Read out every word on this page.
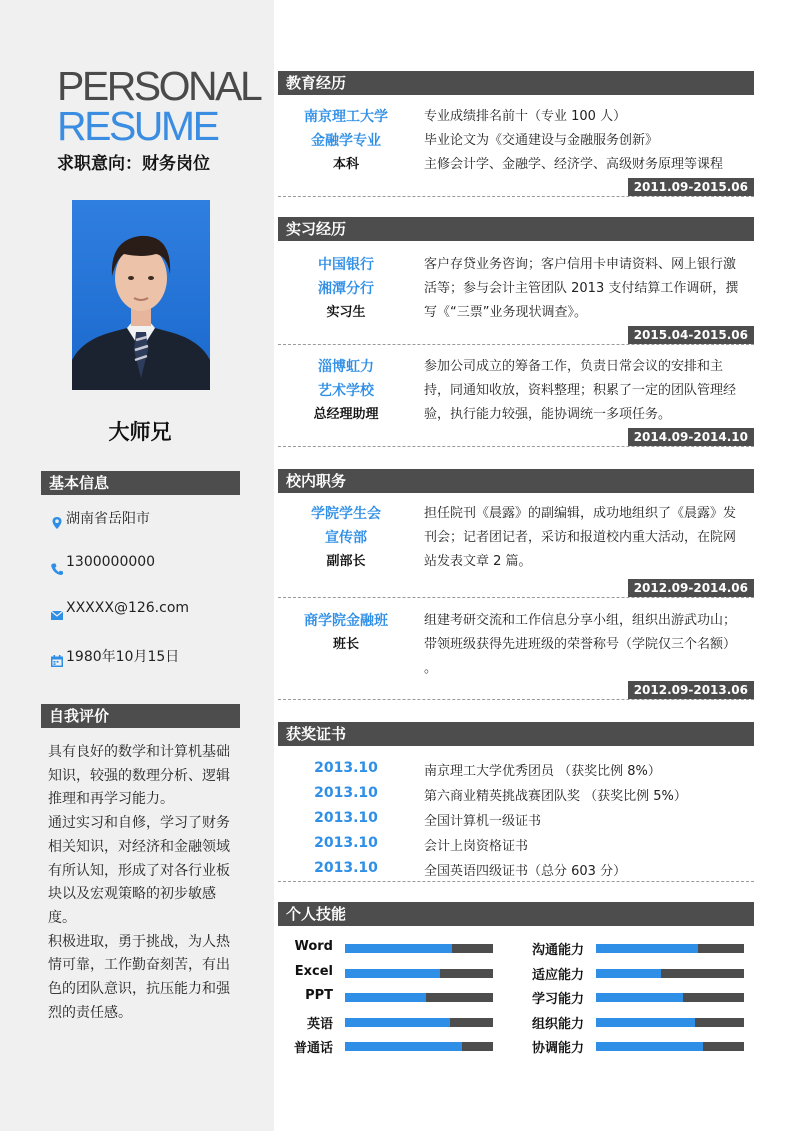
PERSONAL
RESUME
求职意向：财务岗位
大师兄
基本信息
湖南省岳阳市
1300000000
XXXXX@126.com
1980年10月15日
自我评价

具有良好的数学和计算机基础知识，较强的数理分析、逻辑推理和再学习能力。

通过实习和自修，学习了财务相关知识，对经济和金融领域有所认知，形成了对各行业板块以及宏观策略的初步敏感度。

积极进取，勇于挑战，为人热情可靠，工作勤奋刻苦，有出色的团队意识，抗压能力和强烈的责任感。

教育经历
南京理工大学
金融学专业
本科

专业成绩排名前十（专业 100 人）

毕业论文为《交通建设与金融服务创新》

主修会计学、金融学、经济学、高级财务原理等课程

2011.09-2015.06
实习经历
中国银行
湘潭分行
实习生

客户存贷业务咨询；客户信用卡申请资料、网上银行激

活等；参与会计主管团队 2013 支付结算工作调研，撰

写《“三票”业务现状调查》。

2015.04-2015.06
淄博虹力
艺术学校
总经理助理

参加公司成立的筹备工作，负责日常会议的安排和主

持，同通知收放，资料整理；积累了一定的团队管理经

验，执行能力较强，能协调统一多项任务。

2014.09-2014.10
校内职务
学院学生会
宣传部
副部长

担任院刊《晨露》的副编辑，成功地组织了《晨露》发

刊会；记者团记者，采访和报道校内重大活动，在院网

站发表文章 2 篇。

2012.09-2014.06
商学院金融班
班长

组建考研交流和工作信息分享小组，组织出游武功山；

带领班级获得先进班级的荣誉称号（学院仅三个名额）

。

2012.09-2013.06
获奖证书
2013.10	南京理工大学优秀团员 （获奖比例 8%）
2013.10	第六商业精英挑战赛团队奖 （获奖比例 5%）
2013.10	全国计算机一级证书
2013.10	会计上岗资格证书
2013.10	全国英语四级证书（总分 603 分）
个人技能
Word
Excel
PPT
英语
普通话
沟通能力
适应能力
学习能力
组织能力
协调能力
